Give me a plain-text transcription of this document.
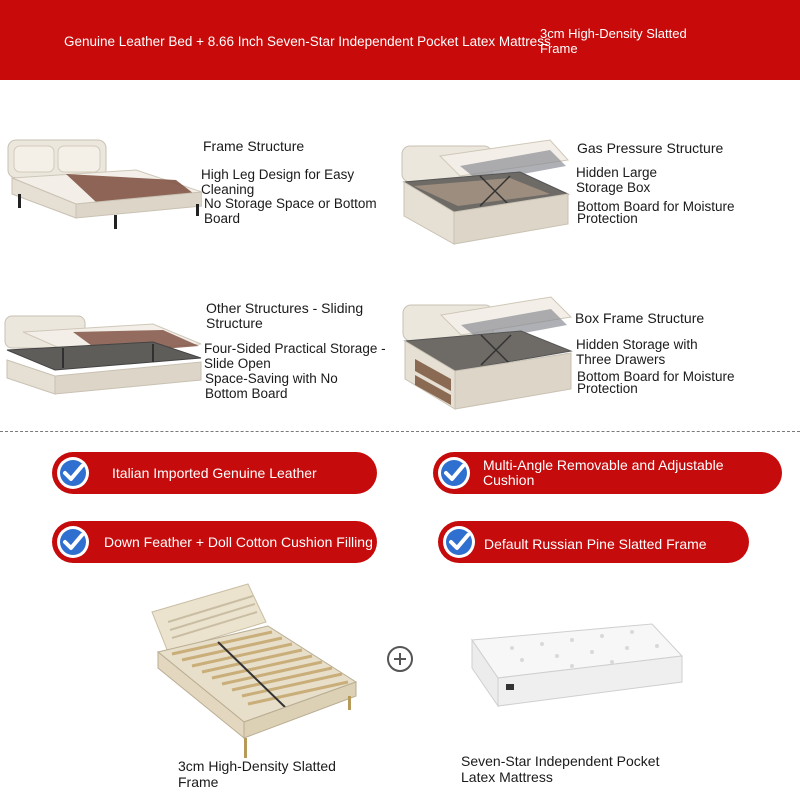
Genuine Leather Bed + 8.66 Inch Seven-Star Independent Pocket Latex Mattress
3cm High-Density Slatted Frame
Frame Structure
High Leg Design for Easy Cleaning
No Storage Space or Bottom Board
Gas Pressure Structure
Hidden Large Storage Box
Bottom Board for Moisture Protection
Other Structures - Sliding Structure
Four-Sided Practical Storage - Slide Open
Space-Saving with No Bottom Board
Box Frame Structure
Hidden Storage with Three Drawers
Bottom Board for Moisture Protection
Italian Imported Genuine Leather	Multi-Angle Removable and Adjustable Cushion
Down Feather + Doll Cotton Cushion Filling	Default Russian Pine Slatted Frame
3cm High-Density Slatted Frame
Seven-Star Independent Pocket Latex Mattress
